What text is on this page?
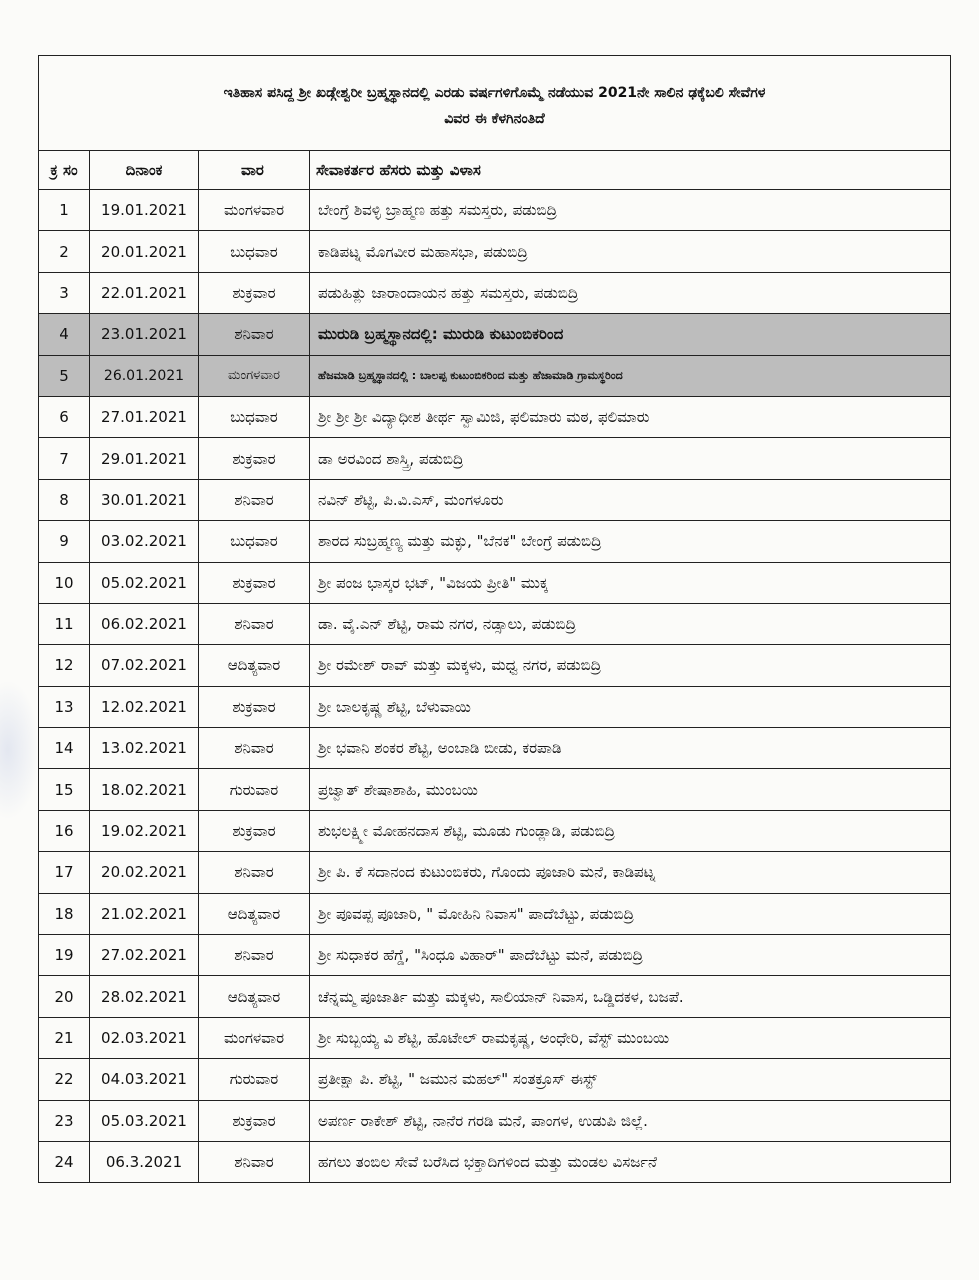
ಇತಿಹಾಸ ಪಸಿದ್ದ ಶ್ರೀ ಖಡ್ಗೇಶ್ವರೀ ಬ್ರಹ್ಮಸ್ಥಾನದಲ್ಲಿ ಎರಡು ವರ್ಷಗಳಿಗೊಮ್ಮೆ ನಡೆಯುವ 2021ನೇ ಸಾಲಿನ ಢಕ್ಕೆಬಲಿ ಸೇವೆಗಳ
ವಿವರ ಈ ಕೆಳಗಿನಂತಿದೆ			

ಕ್ರ ಸಂ	ದಿನಾಂಕ	ವಾರ	ಸೇವಾಕರ್ತರ ಹೆಸರು ಮತ್ತು ವಿಳಾಸ
1	19.01.2021	ಮಂಗಳವಾರ	ಬೇಂಗ್ರೆ ಶಿವಳ್ಳಿ ಬ್ರಾಹ್ಮಣ ಹತ್ತು ಸಮಸ್ತರು, ಪಡುಬಿದ್ರಿ
2	20.01.2021	ಬುಧವಾರ	ಕಾಡಿಪಟ್ನ ಮೊಗವೀರ ಮಹಾಸಭಾ, ಪಡುಬಿದ್ರಿ
3	22.01.2021	ಶುಕ್ರವಾರ	ಪಡುಹಿತ್ಲು ಜಾರಾಂದಾಯನ ಹತ್ತು ಸಮಸ್ತರು, ಪಡುಬಿದ್ರಿ
4	23.01.2021	ಶನಿವಾರ	ಮುರುಡಿ ಬ್ರಹ್ಮಸ್ಥಾನದಲ್ಲಿ: ಮುರುಡಿ ಕುಟುಂಬಿಕರಿಂದ
5	26.01.2021	ಮಂಗಳವಾರ	ಹೆಜಮಾಡಿ ಬ್ರಹ್ಮಸ್ಥಾನದಲ್ಲಿ : ಬಾಲಪ್ಪ ಕುಟುಂಬಿಕರಿಂದ ಮತ್ತು ಹೆಜಾಮಾಡಿ ಗ್ರಾಮಸ್ಥರಿಂದ
6	27.01.2021	ಬುಧವಾರ	ಶ್ರೀ ಶ್ರೀ ಶ್ರೀ ವಿದ್ಯಾಧೀಶ ತೀರ್ಥ ಸ್ವಾಮಿಜಿ, ಫಲಿಮಾರು ಮಠ, ಫಲಿಮಾರು
7	29.01.2021	ಶುಕ್ರವಾರ	ಡಾ ಅರವಿಂದ ಶಾಸ್ತ್ರಿ, ಪಡುಬಿದ್ರಿ
8	30.01.2021	ಶನಿವಾರ	ನವಿನ್ ಶೆಟ್ಟಿ, ಪಿ.ವಿ.ಎಸ್, ಮಂಗಳೂರು
9	03.02.2021	ಬುಧವಾರ	ಶಾರದ ಸುಬ್ರಹ್ಮಣ್ಯ ಮತ್ತು ಮಕ್ಳು, "ಬೆನಕ" ಬೇಂಗ್ರೆ ಪಡುಬಿದ್ರಿ
10	05.02.2021	ಶುಕ್ರವಾರ	ಶ್ರೀ ಪಂಜ ಭಾಸ್ಕರ ಭಟ್, "ವಿಜಯ ಪ್ರೀತಿ" ಮುಕ್ಕ
11	06.02.2021	ಶನಿವಾರ	ಡಾ. ವೈ.ಎನ್ ಶೆಟ್ಟಿ, ರಾಮ ನಗರ, ನಡ್ಸಾಲು, ಪಡುಬಿದ್ರಿ
12	07.02.2021	ಆದಿತ್ಯವಾರ	ಶ್ರೀ ರಮೇಶ್ ರಾವ್ ಮತ್ತು ಮಕ್ಕಳು, ಮಧ್ವ ನಗರ, ಪಡುಬಿದ್ರಿ
13	12.02.2021	ಶುಕ್ರವಾರ	ಶ್ರೀ ಬಾಲಕೃಷ್ಣ ಶೆಟ್ಟಿ, ಬೆಳುವಾಯಿ
14	13.02.2021	ಶನಿವಾರ	ಶ್ರೀ ಭವಾನಿ ಶಂಕರ ಶೆಟ್ಟಿ, ಅಂಬಾಡಿ ಬೀಡು, ಕರಪಾಡಿ
15	18.02.2021	ಗುರುವಾರ	ಪ್ರಜ್ವಾತ್ ಶೇಷಾಶಾಹಿ, ಮುಂಬಯಿ
16	19.02.2021	ಶುಕ್ರವಾರ	ಶುಭಲಕ್ಷ್ಮೀ ಮೋಹನದಾಸ ಶೆಟ್ಟಿ, ಮೂಡು ಗುಂಡ್ಲಾಡಿ, ಪಡುಬಿದ್ರಿ
17	20.02.2021	ಶನಿವಾರ	ಶ್ರೀ ಪಿ. ಕೆ ಸದಾನಂದ ಕುಟುಂಬಿಕರು, ಗೊಂದು ಪೂಜಾರಿ ಮನೆ, ಕಾಡಿಪಟ್ನ
18	21.02.2021	ಆದಿತ್ಯವಾರ	ಶ್ರೀ ಪೂವಪ್ಪ ಪೂಜಾರಿ, " ಮೋಹಿನಿ ನಿವಾಸ" ಪಾದೆಬೆಟ್ಟು, ಪಡುಬಿದ್ರಿ
19	27.02.2021	ಶನಿವಾರ	ಶ್ರೀ ಸುಧಾಕರ ಹೆಗ್ಡೆ, "ಸಿಂಧೂ ವಿಹಾರ್" ಪಾದೆಬೆಟ್ಟು ಮನೆ, ಪಡುಬಿದ್ರಿ
20	28.02.2021	ಆದಿತ್ಯವಾರ	ಚೆನ್ನಮ್ಮ ಪೂಜಾರ್ತಿ ಮತ್ತು ಮಕ್ಕಳು, ಸಾಲಿಯಾನ್ ನಿವಾಸ, ಒಡ್ಡಿದಕಳ, ಬಜಪೆ.
21	02.03.2021	ಮಂಗಳವಾರ	ಶ್ರೀ ಸುಬ್ಬಯ್ಯ ವಿ ಶೆಟ್ಟಿ, ಹೊಟೇಲ್ ರಾಮಕೃಷ್ಣ, ಅಂಧೇರಿ, ವೆಸ್ಟ್ ಮುಂಬಯಿ
22	04.03.2021	ಗುರುವಾರ	ಪ್ರತೀಕ್ಷಾ ಪಿ. ಶೆಟ್ಟಿ, " ಜಮುನ ಮಹಲ್" ಸಂತಕ್ರೂಸ್ ಈಸ್ಟ್
23	05.03.2021	ಶುಕ್ರವಾರ	ಅಪರ್ಣ ರಾಕೇಶ್ ಶೆಟ್ಟಿ, ನಾನೆರ ಗರಡಿ ಮನೆ, ಪಾಂಗಳ, ಉಡುಪಿ ಜಿಲ್ಲೆ.
24	06.3.2021	ಶನಿವಾರ	ಹಗಲು ತಂಬಿಲ ಸೇವೆ ಬರೆಸಿದ ಭಕ್ತಾದಿಗಳಿಂದ ಮತ್ತು ಮಂಡಲ ವಿಸರ್ಜನೆ
